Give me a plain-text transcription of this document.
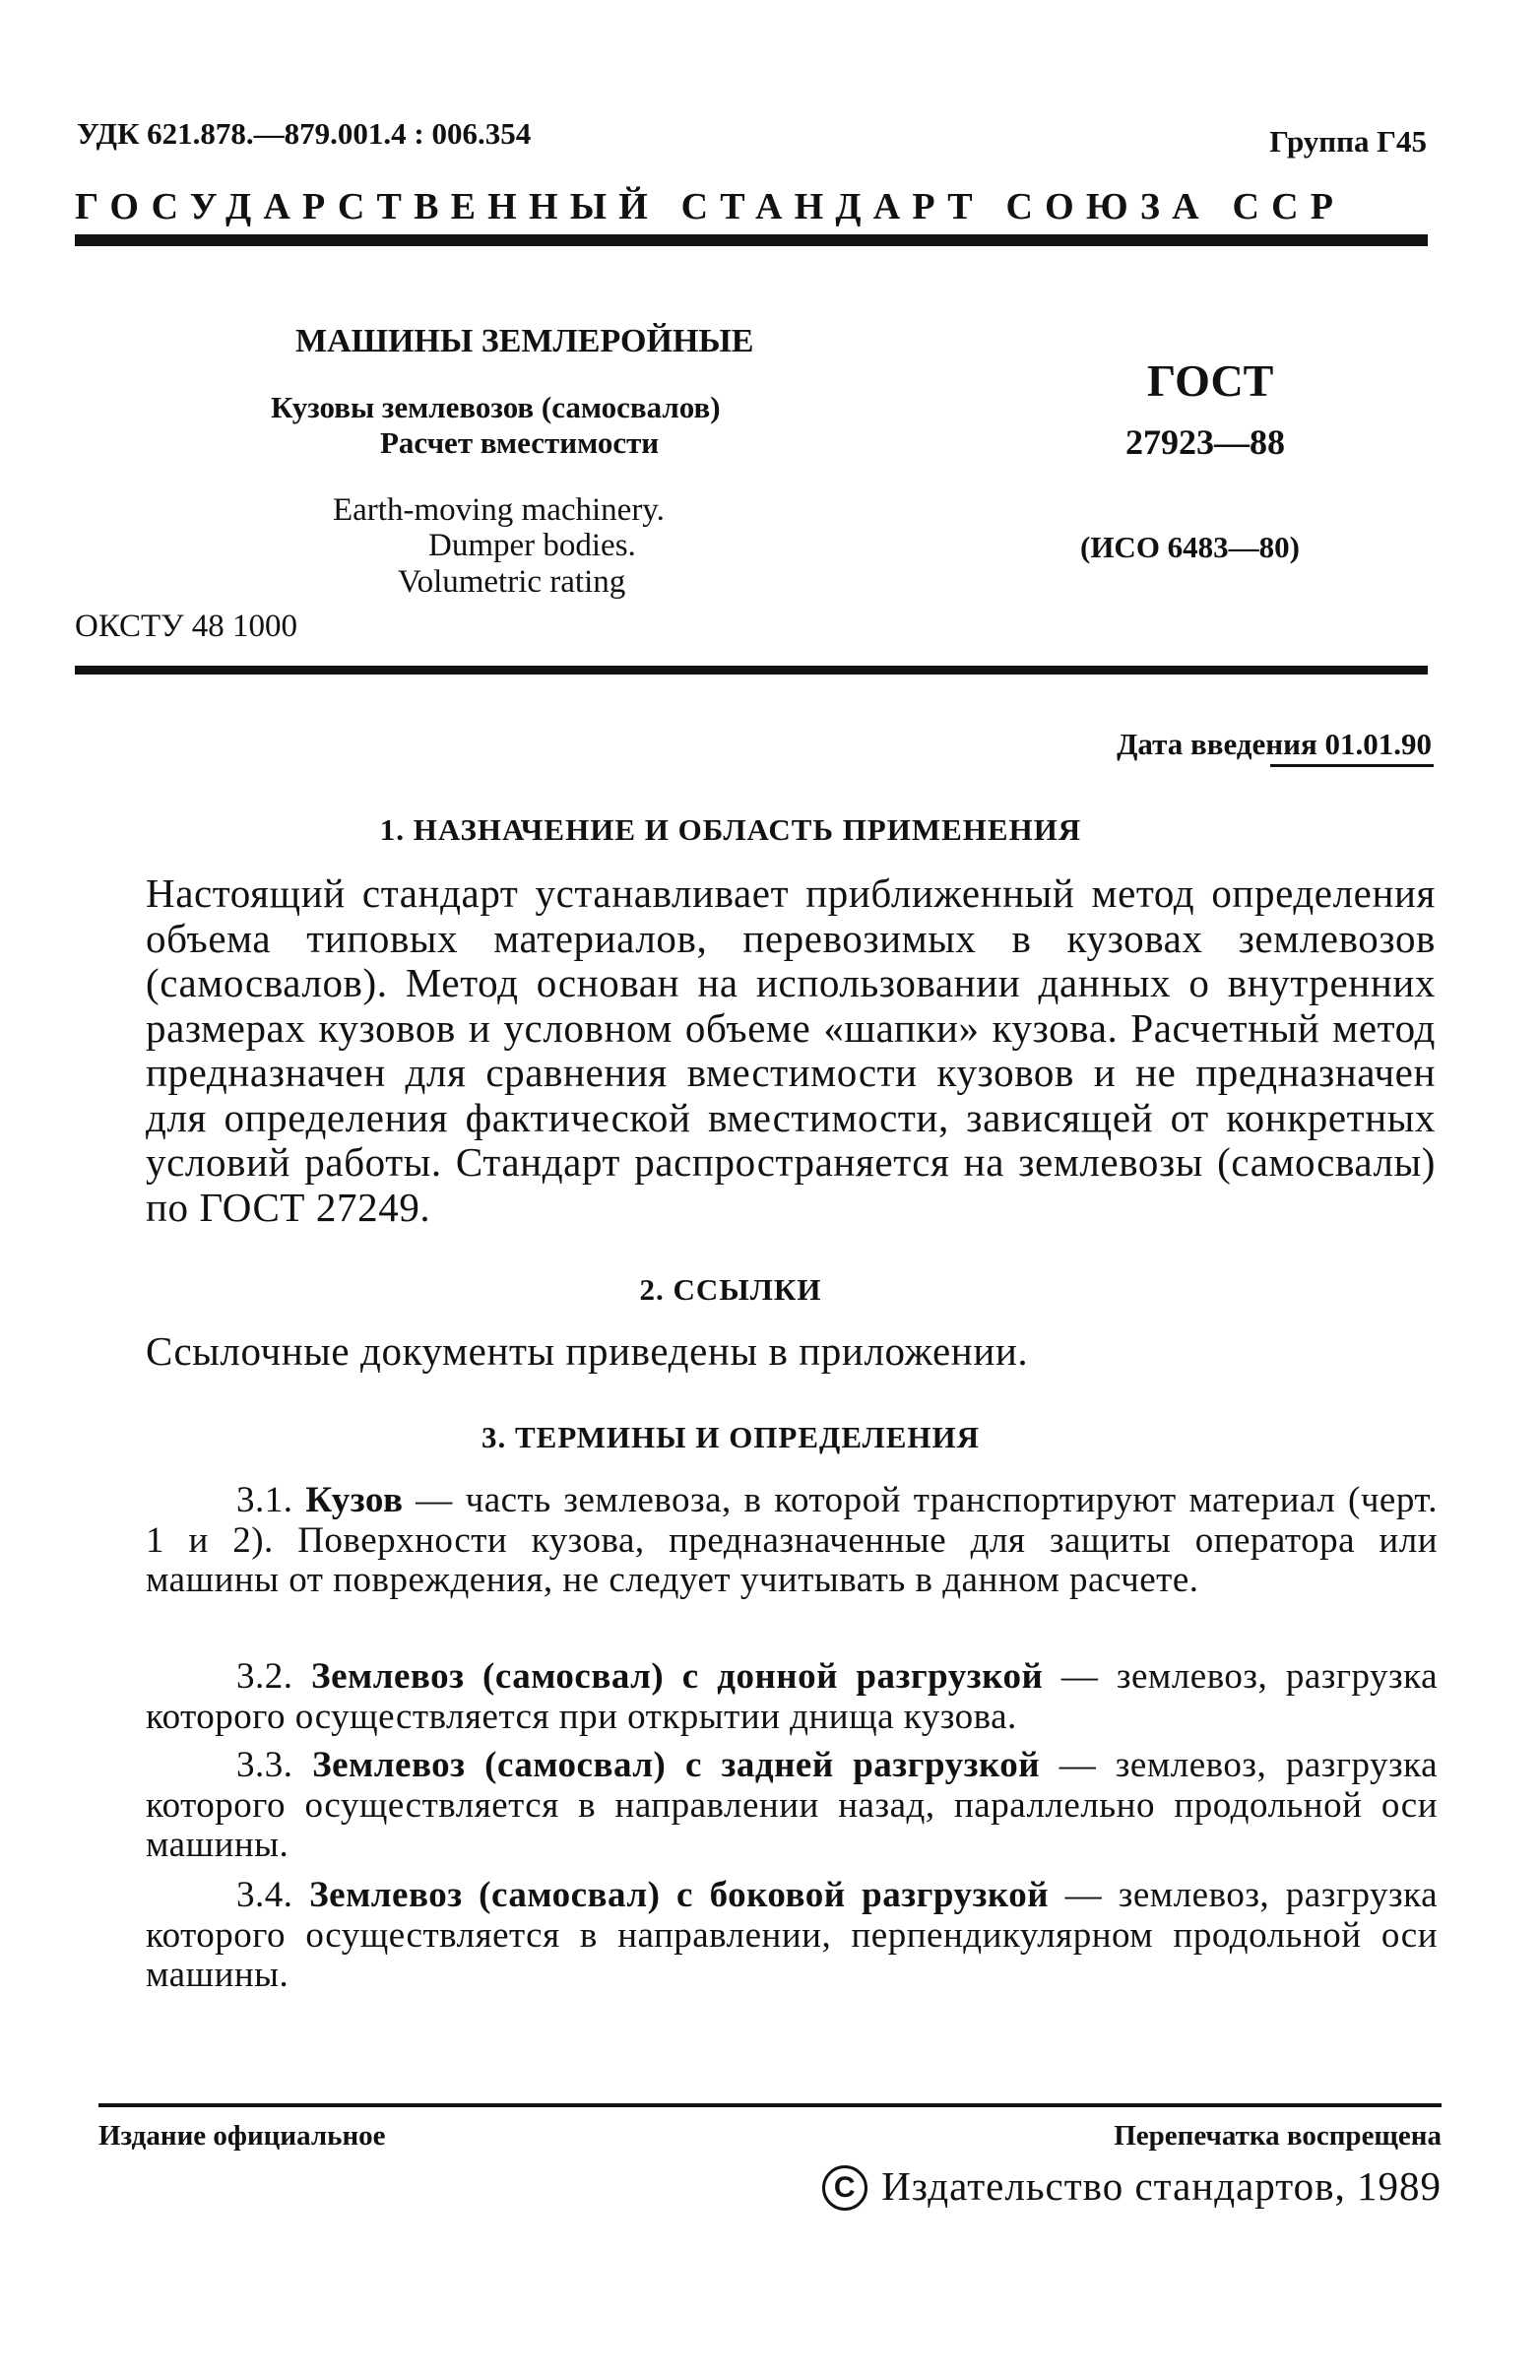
УДК 621.878.—879.001.4 : 006.354	Группа Г45
ГОСУДАРСТВЕННЫЙ СТАНДАРТ СОЮЗА ССР
МАШИНЫ ЗЕМЛЕРОЙНЫЕ
Кузовы землевозов (самосвалов)
Расчет вместимости
Earth-moving machinery.
Dumper bodies.
Volumetric rating
ГОСТ
27923—88
(ИСО 6483—80)
ОКСТУ 48 1000
Дата введения 01.01.90
1. НАЗНАЧЕНИЕ И ОБЛАСТЬ ПРИМЕНЕНИЯ
Настоящий стандарт устанавливает приближенный метод определения объема типовых материалов, перевозимых в кузовах землевозов (самосвалов). Метод основан на использовании данных о внутренних размерах кузовов и условном объеме «шапки» кузова. Расчетный метод предназначен для сравнения вместимости кузовов и не предназначен для определения фактической вместимости, зависящей от конкретных условий работы. Стандарт распространяется на землевозы (самосвалы) по ГОСТ 27249.
2. ССЫЛКИ
Ссылочные документы приведены в приложении.
3. ТЕРМИНЫ И ОПРЕДЕЛЕНИЯ
3.1. Кузов — часть землевоза, в которой транспортируют материал (черт. 1 и 2). Поверхности кузова, предназначенные для защиты оператора или машины от повреждения, не следует учитывать в данном расчете.
3.2. Землевоз (самосвал) с донной разгрузкой — землевоз, разгрузка которого осуществляется при открытии днища кузова.
3.3. Землевоз (самосвал) с задней разгрузкой — землевоз, разгрузка которого осуществляется в направлении назад, параллельно продольной оси машины.
3.4. Землевоз (самосвал) с боковой разгрузкой — землевоз, разгрузка которого осуществляется в направлении, перпендикулярном продольной оси машины.
Издание официальное	Перепечатка воспрещена
C Издательство стандартов, 1989
